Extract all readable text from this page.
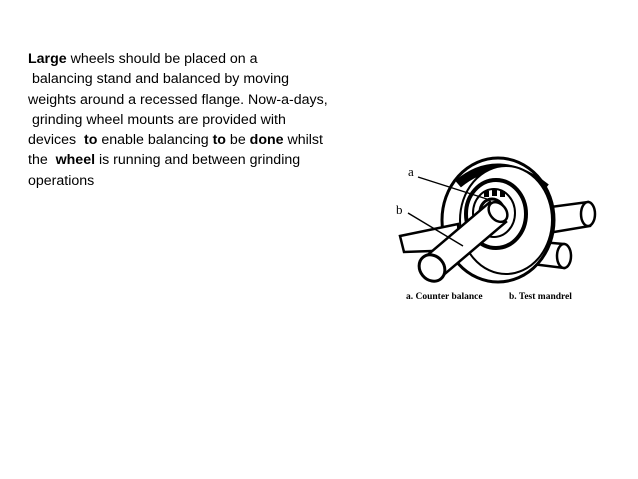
Large wheels should be placed on a
balancing stand and balanced by moving
weights around a recessed flange. Now-a-days,
grinding wheel mounts are provided with
devices  to enable balancing to be done whilst
the  wheel is running and between grinding
operations
a
b
a. Counter balance	b. Test mandrel
